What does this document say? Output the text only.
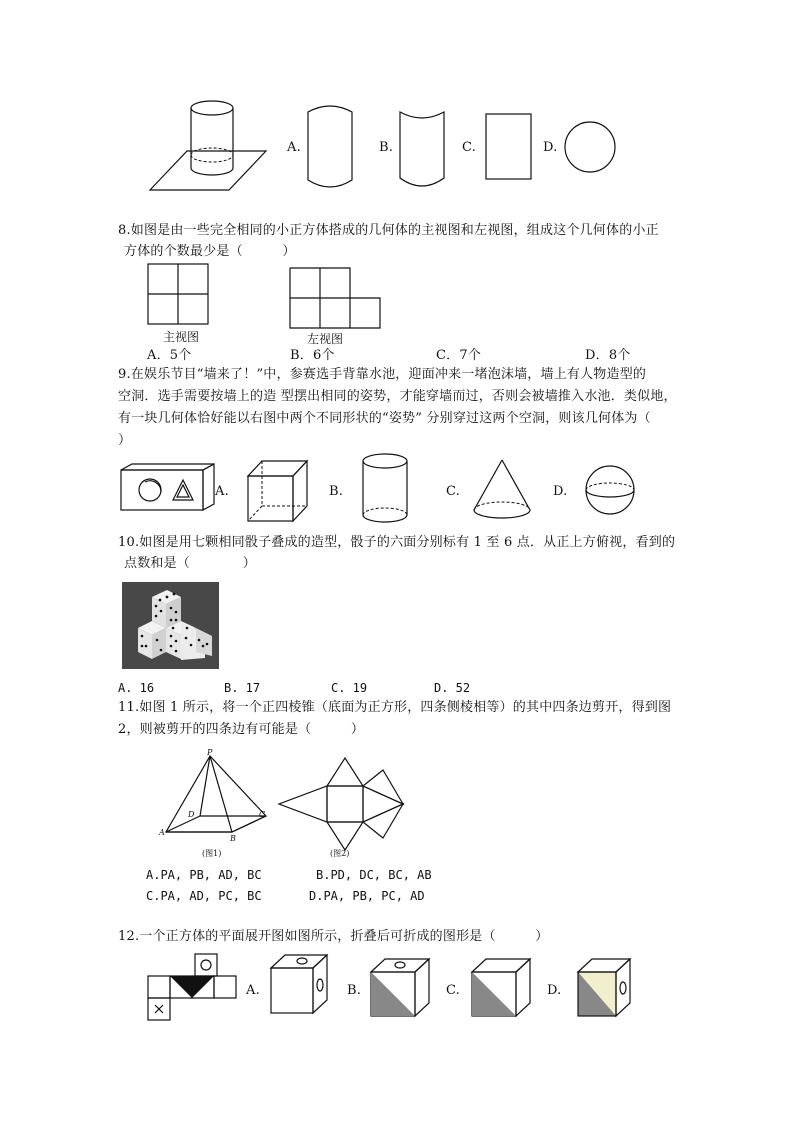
A.	B.	C.	D.
8.如图是由一些完全相同的小正方体搭成的几何体的主视图和左视图，组成这个几何体的小正
方体的个数最少是（　　　）
主视图	左视图
A．5个	B．6个	C．7个	D．8个
9.在娱乐节目“墙来了！”中，参赛选手背靠水池，迎面冲来一堵泡沫墙，墙上有人物造型的
空洞．选手需要按墙上的造 型摆出相同的姿势，才能穿墙而过，否则会被墙推入水池．类似地，
有一块几何体恰好能以右图中两个不同形状的“姿势” 分别穿过这两个空洞，则该几何体为（
）
A.	B.	C.	D.
10.如图是用七颗相同骰子叠成的造型，骰子的六面分别标有 1 至 6 点．从正上方俯视，看到的
点数和是（　　　　）
A. 16	B. 17	C. 19	D. 52
11.如图 1 所示，将一个正四棱锥（底面为正方形，四条侧棱相等）的其中四条边剪开，得到图
2，则被剪开的四条边有可能是（　　　）
P
A
B
C
D
(图1)	(图2)
A.PA, PB, AD, BC	B.PD, DC, BC, AB
C.PA, AD, PC, BC	D.PA, PB, PC, AD
12.一个正方体的平面展开图如图所示，折叠后可折成的图形是（　　　）
A.	B.	C.	D.
